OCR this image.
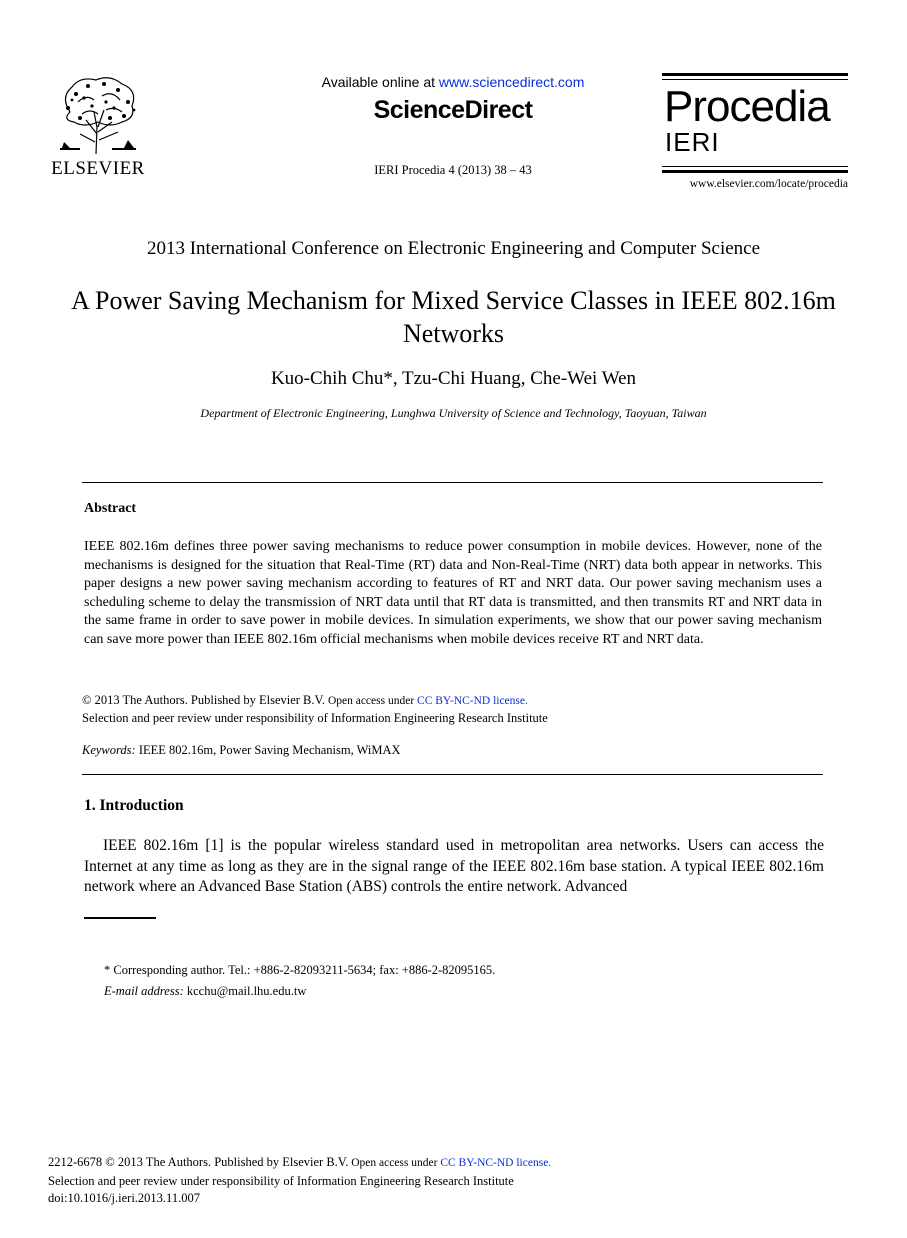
ELSEVIER
Available online at www.sciencedirect.com
ScienceDirect
IERI Procedia 4 (2013) 38 – 43
Procedia
IERI
www.elsevier.com/locate/procedia
2013 International Conference on Electronic Engineering and Computer Science
A Power Saving Mechanism for Mixed Service Classes in IEEE 802.16m Networks
Kuo-Chih Chu*, Tzu-Chi Huang, Che-Wei Wen
Department of Electronic Engineering, Lunghwa University of Science and Technology, Taoyuan, Taiwan
Abstract
IEEE 802.16m defines three power saving mechanisms to reduce power consumption in mobile devices. However, none of the mechanisms is designed for the situation that Real-Time (RT) data and Non-Real-Time (NRT) data both appear in networks. This paper designs a new power saving mechanism according to features of RT and NRT data. Our power saving mechanism uses a scheduling scheme to delay the transmission of NRT data until that RT data is transmitted, and then transmits RT and NRT data in the same frame in order to save power in mobile devices. In simulation experiments, we show that our power saving mechanism can save more power than IEEE 802.16m official mechanisms when mobile devices receive RT and NRT data.
© 2013 The Authors. Published by Elsevier B.V. Open access under CC BY-NC-ND license.
Selection and peer review under responsibility of Information Engineering Research Institute
Keywords: IEEE 802.16m, Power Saving Mechanism, WiMAX
1. Introduction
IEEE 802.16m [1] is the popular wireless standard used in metropolitan area networks. Users can access the Internet at any time as long as they are in the signal range of the IEEE 802.16m base station. A typical IEEE 802.16m network where an Advanced Base Station (ABS) controls the entire network. Advanced
* Corresponding author. Tel.: +886-2-82093211-5634; fax: +886-2-82095165.
E-mail address: kcchu@mail.lhu.edu.tw
2212-6678 © 2013 The Authors. Published by Elsevier B.V. Open access under CC BY-NC-ND license.
Selection and peer review under responsibility of Information Engineering Research Institute
doi:10.1016/j.ieri.2013.11.007
